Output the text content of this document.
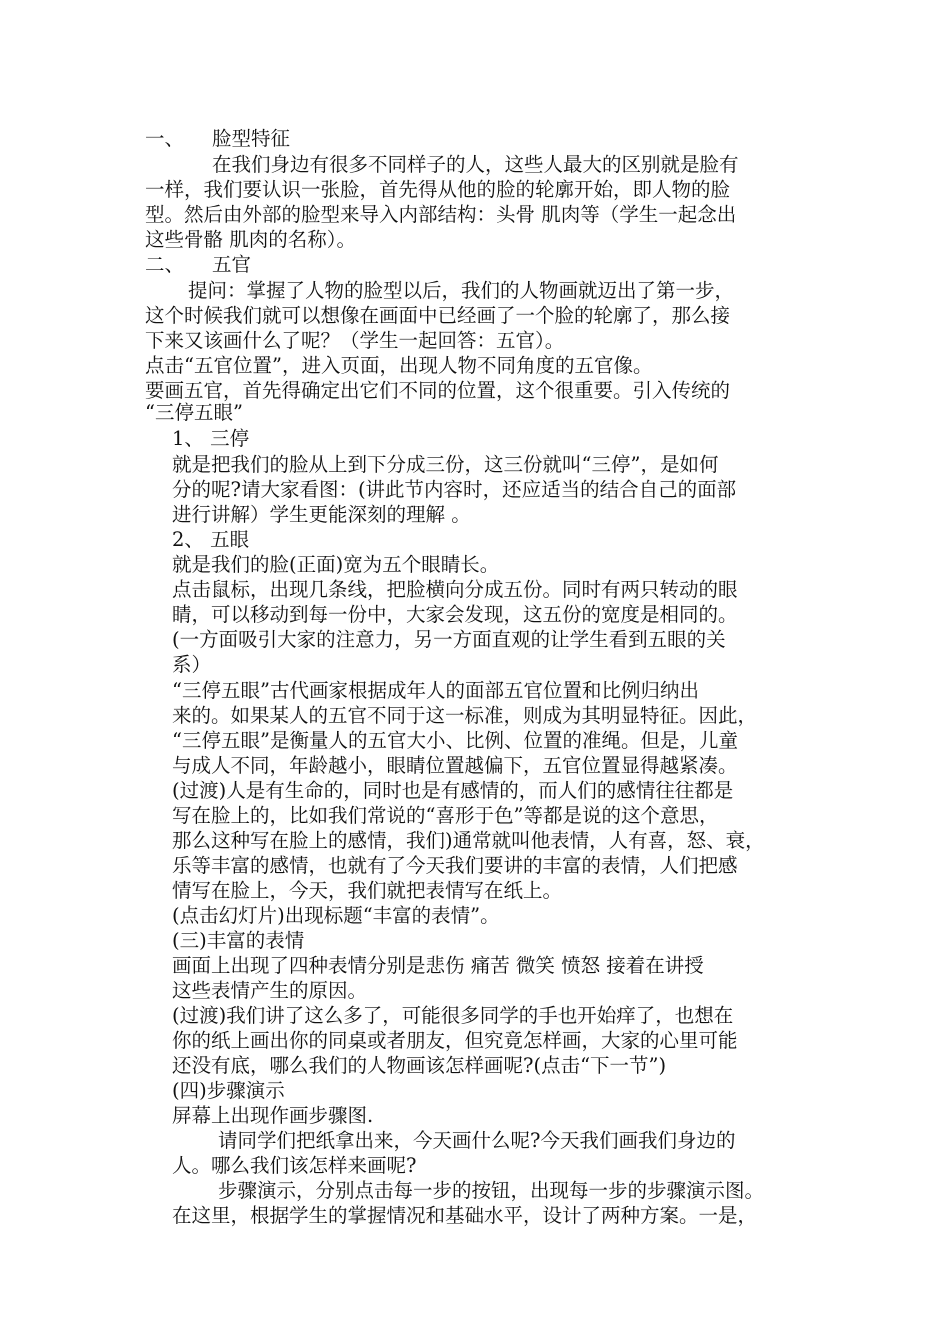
一、 脸型特征
在我们身边有很多不同样子的人，这些人最大的区别就是脸有
一样，我们要认识一张脸，首先得从他的脸的轮廓开始，即人物的脸
型。然后由外部的脸型来导入内部结构：头骨 肌肉等（学生一起念出
这些骨骼 肌肉的名称）。
二、 五官
提问：掌握了人物的脸型以后，我们的人物画就迈出了第一步，
这个时候我们就可以想像在画面中已经画了一个脸的轮廓了，那么接
下来又该画什么了呢？（学生一起回答：五官）。
点击“五官位置”，进入页面，出现人物不同角度的五官像。
要画五官，首先得确定出它们不同的位置，这个很重要。引入传统的
“三停五眼”
1、 三停
就是把我们的脸从上到下分成三份，这三份就叫“三停”，是如何
分的呢?请大家看图：(讲此节内容时，还应适当的结合自己的面部
进行讲解）学生更能深刻的理解 。
2、 五眼
就是我们的脸(正面)宽为五个眼睛长。
点击鼠标，出现几条线，把脸横向分成五份。同时有两只转动的眼
睛，可以移动到每一份中，大家会发现，这五份的宽度是相同的。
(一方面吸引大家的注意力，另一方面直观的让学生看到五眼的关
系）
“三停五眼”古代画家根据成年人的面部五官位置和比例归纳出
来的。如果某人的五官不同于这一标准，则成为其明显特征。因此，
“三停五眼”是衡量人的五官大小、比例、位置的准绳。但是，儿童
与成人不同，年龄越小，眼睛位置越偏下，五官位置显得越紧凑。
(过渡)人是有生命的，同时也是有感情的，而人们的感情往往都是
写在脸上的，比如我们常说的“喜形于色”等都是说的这个意思，
那么这种写在脸上的感情，我们)通常就叫他表情，人有喜，怒、衰，
乐等丰富的感情，也就有了今天我们要讲的丰富的表情，人们把感
情写在脸上，今天，我们就把表情写在纸上。
(点击幻灯片)出现标题“丰富的表情”。
(三)丰富的表情
画面上出现了四种表情分别是悲伤 痛苦 微笑 愤怒 接着在讲授
这些表情产生的原因。
(过渡)我们讲了这么多了，可能很多同学的手也开始痒了，也想在
你的纸上画出你的同桌或者朋友，但究竟怎样画，大家的心里可能
还没有底，哪么我们的人物画该怎样画呢?(点击“下一节”)
(四)步骤演示
屏幕上出现作画步骤图.
请同学们把纸拿出来，今天画什么呢?今天我们画我们身边的
人。哪么我们该怎样来画呢?
步骤演示，分别点击每一步的按钮，出现每一步的步骤演示图。
在这里，根据学生的掌握情况和基础水平，设计了两种方案。一是，
